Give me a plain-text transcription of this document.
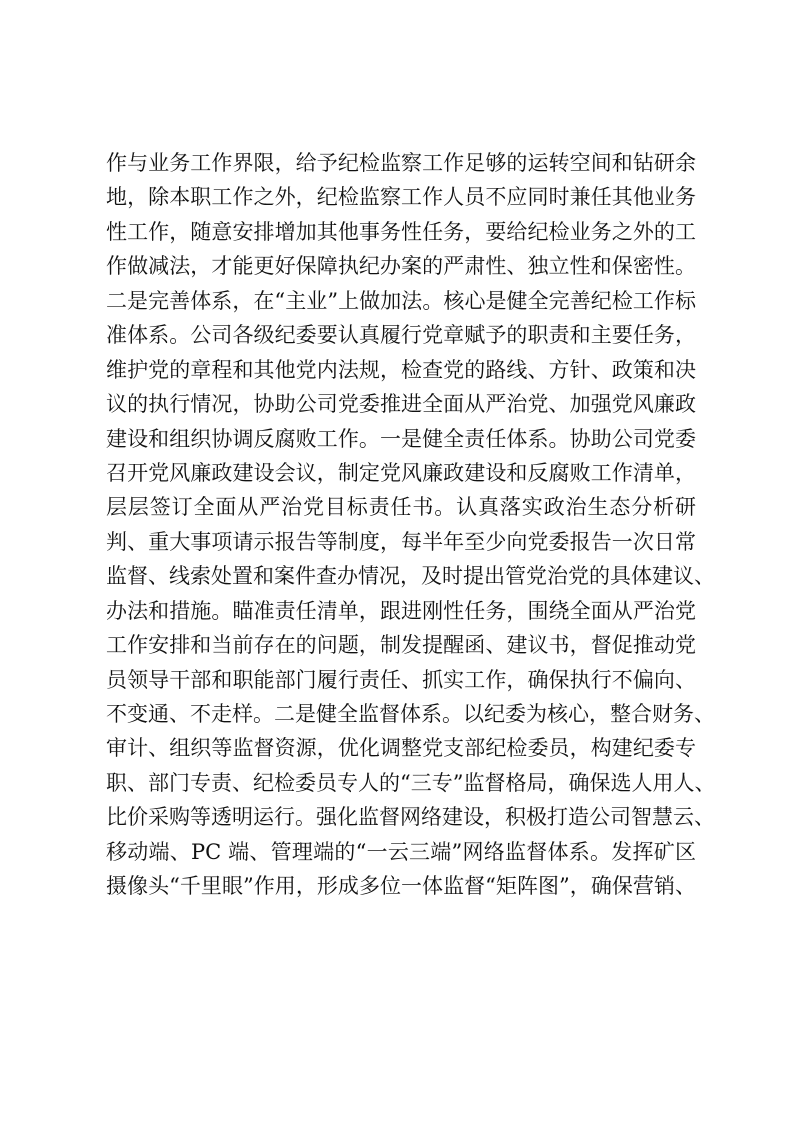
作与业务工作界限，给予纪检监察工作足够的运转空间和钻研余
地，除本职工作之外，纪检监察工作人员不应同时兼任其他业务
性工作，随意安排增加其他事务性任务，要给纪检业务之外的工
作做减法，才能更好保障执纪办案的严肃性、独立性和保密性。
二是完善体系，在“主业”上做加法。核心是健全完善纪检工作标
准体系。公司各级纪委要认真履行党章赋予的职责和主要任务，
维护党的章程和其他党内法规，检查党的路线、方针、政策和决
议的执行情况，协助公司党委推进全面从严治党、加强党风廉政
建设和组织协调反腐败工作。一是健全责任体系。协助公司党委
召开党风廉政建设会议，制定党风廉政建设和反腐败工作清单，
层层签订全面从严治党目标责任书。认真落实政治生态分析研
判、重大事项请示报告等制度，每半年至少向党委报告一次日常
监督、线索处置和案件查办情况，及时提出管党治党的具体建议、
办法和措施。瞄准责任清单，跟进刚性任务，围绕全面从严治党
工作安排和当前存在的问题，制发提醒函、建议书，督促推动党
员领导干部和职能部门履行责任、抓实工作，确保执行不偏向、
不变通、不走样。二是健全监督体系。以纪委为核心，整合财务、
审计、组织等监督资源，优化调整党支部纪检委员，构建纪委专
职、部门专责、纪检委员专人的“三专”监督格局，确保选人用人、
比价采购等透明运行。强化监督网络建设，积极打造公司智慧云、
移动端、PC 端、管理端的“一云三端”网络监督体系。发挥矿区
摄像头“千里眼”作用，形成多位一体监督“矩阵图”，确保营销、
